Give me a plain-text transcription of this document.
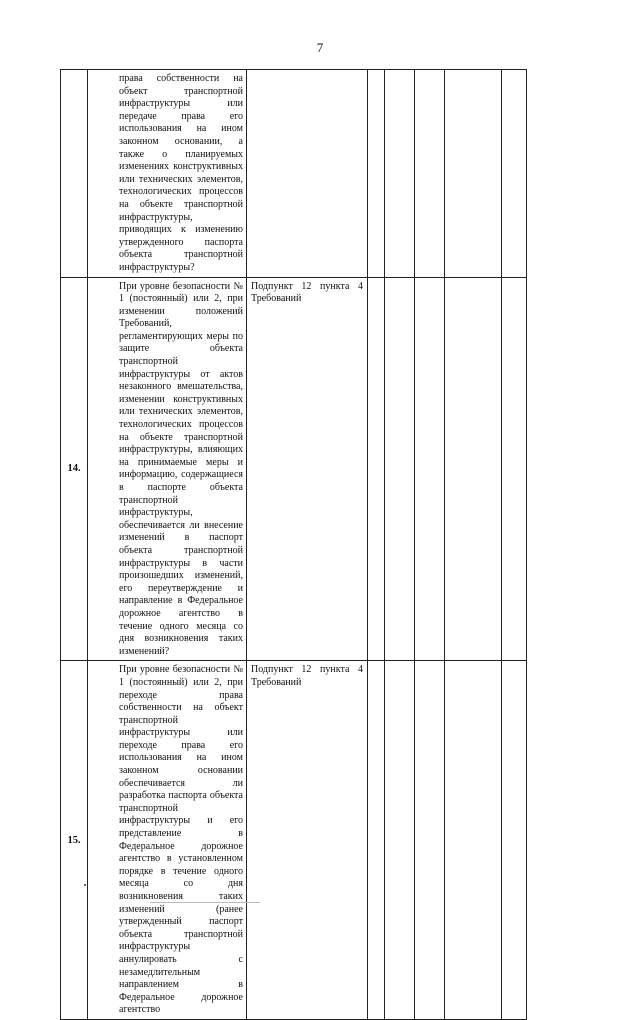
7

	права собственности на объект транспортной инфраструктуры или передаче права его использования на ином законном основании, а также о планируемых изменениях конструктивных или технических элементов, технологических процессов на объекте транспортной инфраструктуры, приводящих к изменению утвержденного паспорта объекта транспортной инфраструктуры?						

14.	При уровне безопасности № 1 (постоянный) или 2, при изменении положений Требований, регламентирующих меры по защите объекта транспортной инфраструктуры от актов незаконного вмешательства, изменении конструктивных или технических элементов, технологических процессов на объекте транспортной инфраструктуры, влияющих на принимаемые меры и информацию, содержащиеся в паспорте объекта транспортной инфраструктуры, обеспечивается ли внесение изменений в паспорт объекта транспортной инфраструктуры в части произошедших изменений, его переутверждение и направление в Федеральное дорожное агентство в течение одного месяца со дня возникновения таких изменений?	Подпункт 12 пункта 4 Требований					

15.	При уровне безопасности № 1 (постоянный) или 2, при переходе права собственности на объект транспортной инфраструктуры или переходе права его использования на ином законном основании обеспечивается ли разработка паспорта объекта транспортной инфраструктуры и его представление в Федеральное дорожное агентство в установленном порядке в течение одного месяца со дня возникновения таких изменений (ранее утвержденный паспорт объекта транспортной инфраструктуры аннулировать с незамедлительным направлением в Федеральное дорожное агентство	Подпункт 12 пункта 4 Требований					
